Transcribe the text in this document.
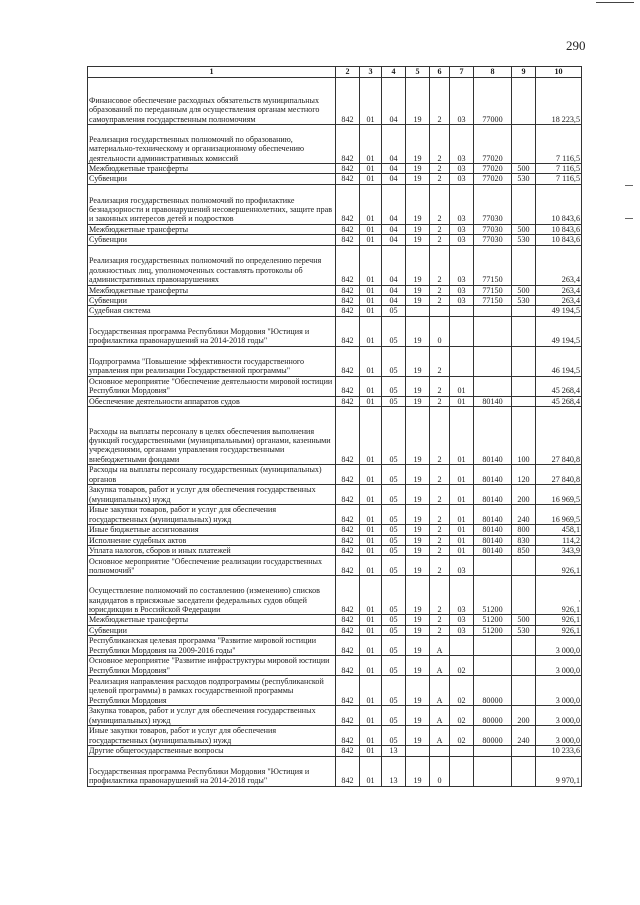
290
·
1	2	3	4	5	6	7	8	9	10
Финансовое обеспечение расходных обязательств муниципальных образований по переданным для осуществления органам местного самоуправления государственным полномочиям	842	01	04	19	2	03	77000		18 223,5
Реализация государственных полномочий по образованию, материально-техническому и организационному обеспечению деятельности административных комиссий	842	01	04	19	2	03	77020		7 116,5
Межбюджетные трансферты	842	01	04	19	2	03	77020	500	7 116,5
Субвенции	842	01	04	19	2	03	77020	530	7 116,5
Реализация государственных полномочий по профилактике безнадзорности и правонарушений несовершеннолетних, защите прав и законных интересов детей и подростков	842	01	04	19	2	03	77030		10 843,6
Межбюджетные трансферты	842	01	04	19	2	03	77030	500	10 843,6
Субвенции	842	01	04	19	2	03	77030	530	10 843,6
Реализация государственных полномочий по определению перечня должностных лиц, уполномоченных составлять протоколы об административных правонарушениях	842	01	04	19	2	03	77150		263,4
Межбюджетные трансферты	842	01	04	19	2	03	77150	500	263,4
Субвенции	842	01	04	19	2	03	77150	530	263,4
Судебная система	842	01	05						49 194,5
Государственная программа Республики Мордовия "Юстиция и профилактика правонарушений на 2014-2018 годы"	842	01	05	19	0				49 194,5
Подпрограмма "Повышение эффективности государственного управления при реализации Государственной программы"	842	01	05	19	2				46 194,5
Основное мероприятие "Обеспечение деятельности мировой юстиции Республики Мордовия"	842	01	05	19	2	01			45 268,4
Обеспечение деятельности аппаратов судов	842	01	05	19	2	01	80140		45 268,4
Расходы на выплаты персоналу в целях обеспечения выполнения функций государственными (муниципальными) органами, казенными учреждениями, органами управления государственными внебюджетными фондами	842	01	05	19	2	01	80140	100	27 840,8
Расходы на выплаты персоналу государственных (муниципальных) органов	842	01	05	19	2	01	80140	120	27 840,8
Закупка товаров, работ и услуг для обеспечения государственных (муниципальных) нужд	842	01	05	19	2	01	80140	200	16 969,5
Иные закупки товаров, работ и услуг для обеспечения государственных (муниципальных) нужд	842	01	05	19	2	01	80140	240	16 969,5
Иные бюджетные ассигнования	842	01	05	19	2	01	80140	800	458,1
Исполнение судебных актов	842	01	05	19	2	01	80140	830	114,2
Уплата налогов, сборов и иных платежей	842	01	05	19	2	01	80140	850	343,9
Основное мероприятие "Обеспечение реализации государственных полномочий"	842	01	05	19	2	03			926,1
Осуществление полномочий по составлению (изменению) списков кандидатов в присяжные заседатели федеральных судов общей юрисдикции в Российской Федерации	842	01	05	19	2	03	51200		926,1
Межбюджетные трансферты	842	01	05	19	2	03	51200	500	926,1
Субвенции	842	01	05	19	2	03	51200	530	926,1
Республиканская целевая программа "Развитие мировой юстиции Республики Мордовия на 2009-2016 годы"	842	01	05	19	А				3 000,0
Основное мероприятие "Развитие инфраструктуры мировой юстиции Республики Мордовия"	842	01	05	19	А	02			3 000,0
Реализация направления расходов подпрограммы (республиканской целевой программы) в рамках государственной программы Республики Мордовия	842	01	05	19	А	02	80000		3 000,0
Закупка товаров, работ и услуг для обеспечения государственных (муниципальных) нужд	842	01	05	19	А	02	80000	200	3 000,0
Иные закупки товаров, работ и услуг для обеспечения государственных (муниципальных) нужд	842	01	05	19	А	02	80000	240	3 000,0
Другие общегосударственные вопросы	842	01	13						10 233,6
Государственная программа Республики Мордовия "Юстиция и профилактика правонарушений на 2014-2018 годы"	842	01	13	19	0				9 970,1
